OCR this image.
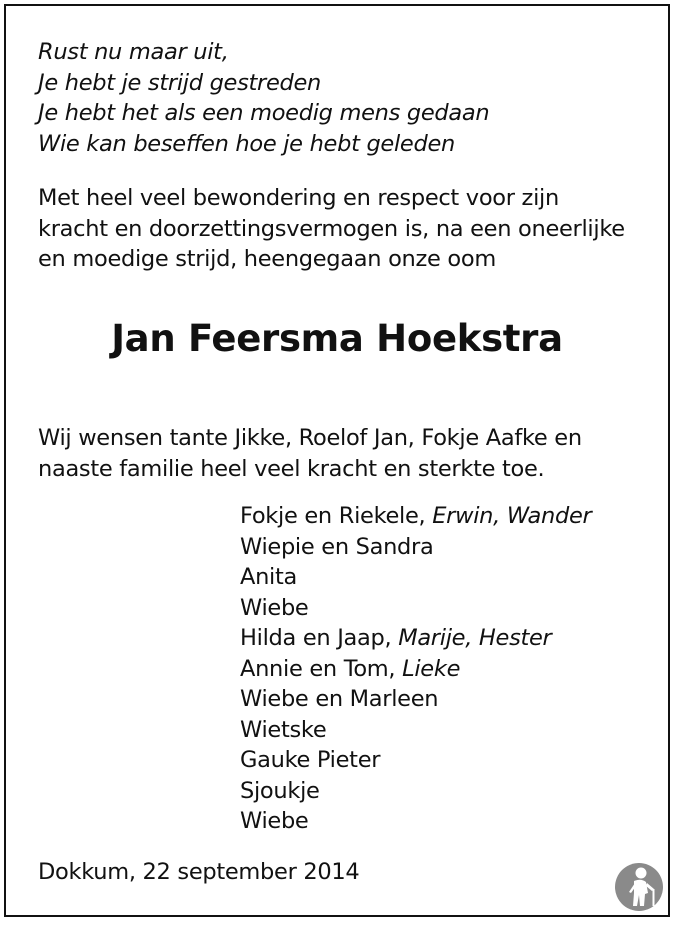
Rust nu maar uit,
Je hebt je strijd gestreden
Je hebt het als een moedig mens gedaan
Wie kan beseffen hoe je hebt geleden
Met heel veel bewondering en respect voor zijn
kracht en doorzettingsvermogen is, na een oneerlijke
en moedige strijd, heengegaan onze oom
Jan Feersma Hoekstra
Wij wensen tante Jikke, Roelof Jan, Fokje Aafke en
naaste familie heel veel kracht en sterkte toe.
Fokje en Riekele, Erwin, Wander
Wiepie en Sandra
Anita
Wiebe
Hilda en Jaap, Marije, Hester
Annie en Tom, Lieke
Wiebe en Marleen
Wietske
Gauke Pieter
Sjoukje
Wiebe
Dokkum, 22 september 2014
